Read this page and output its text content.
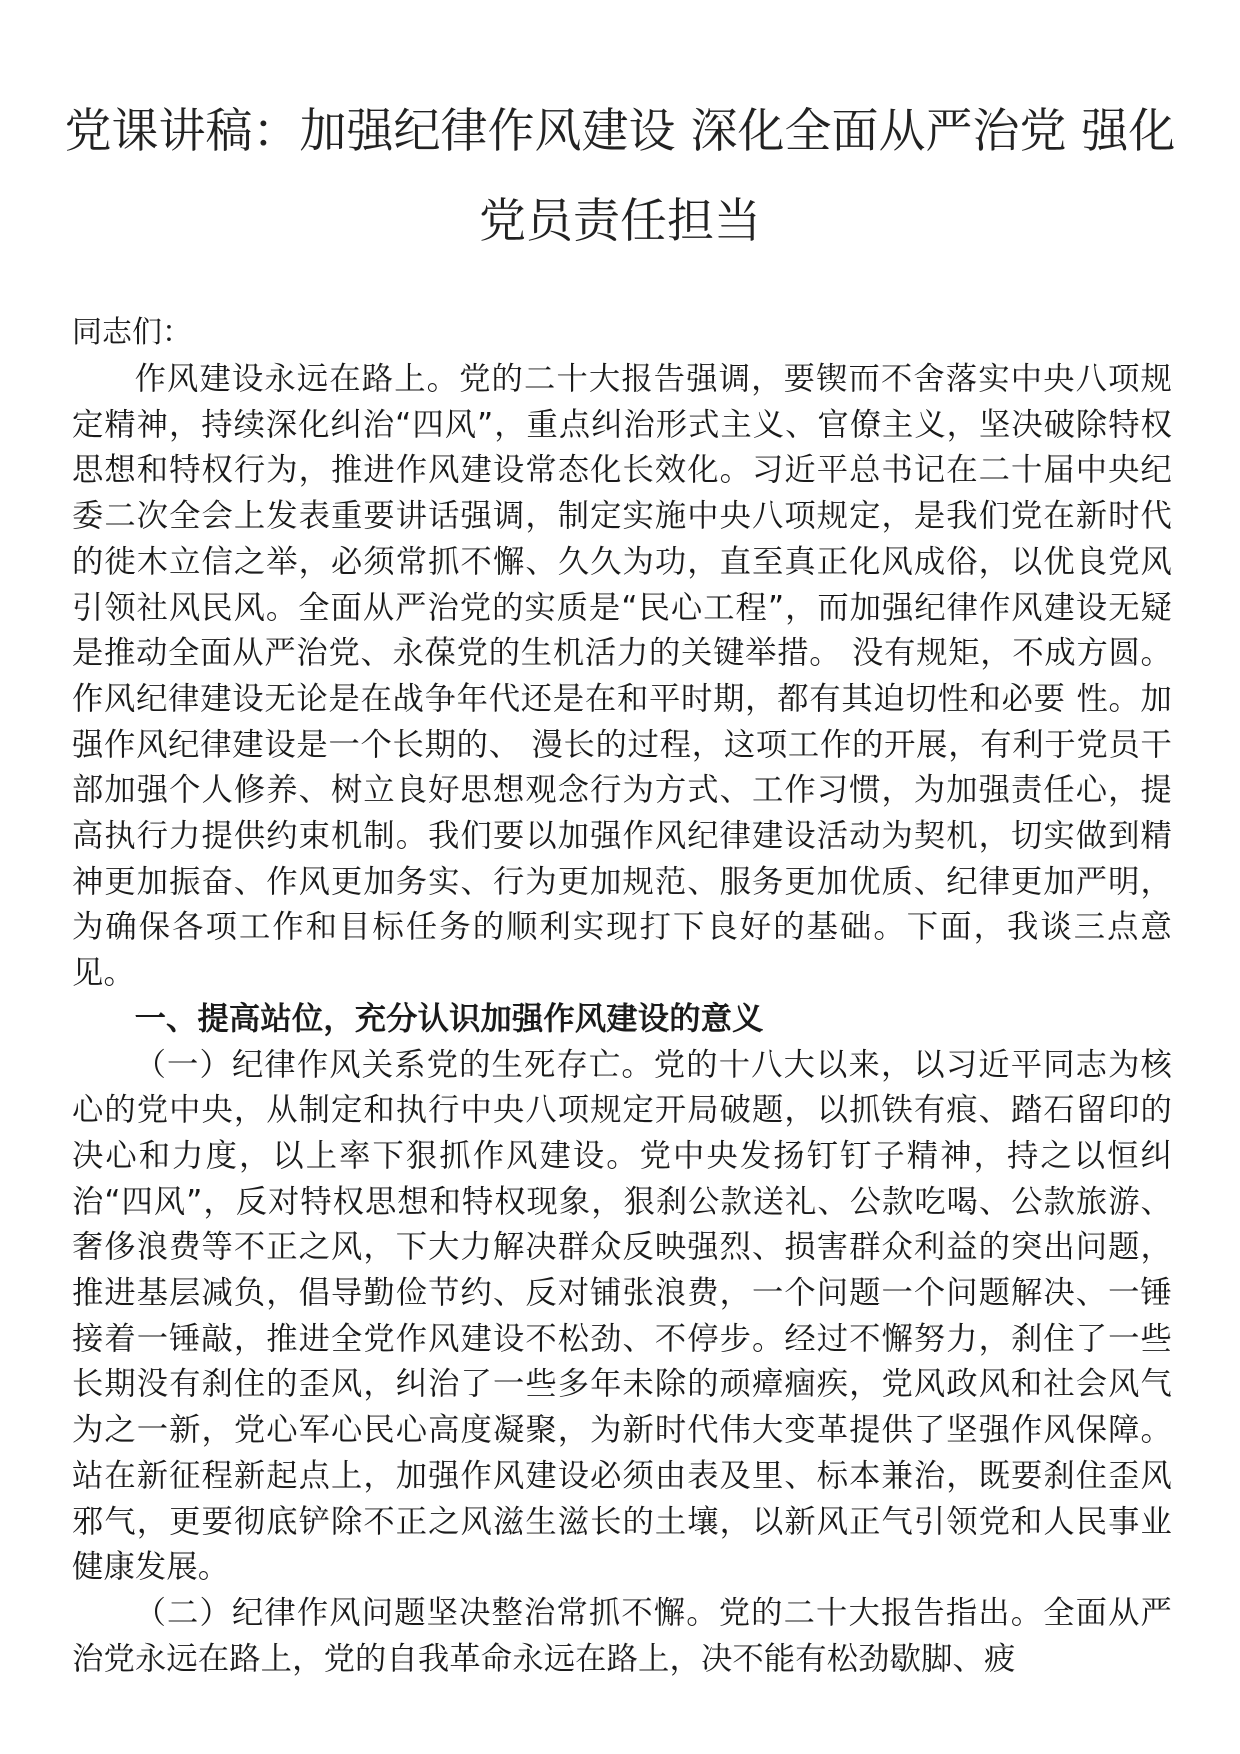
党课讲稿：加强纪律作风建设 深化全面从严治党 强化
党员责任担当
同志们：

作风建设永远在路上。党的二十大报告强调，要锲而不舍落实中央八项规定精神，持续深化纠治“四风”，重点纠治形式主义、官僚主义，坚决破除特权思想和特权行为，推进作风建设常态化长效化。习近平总书记在二十届中央纪委二次全会上发表重要讲话强调，制定实施中央八项规定，是我们党在新时代的徙木立信之举，必须常抓不懈、久久为功，直至真正化风成俗，以优良党风引领社风民风。全面从严治党的实质是“民心工程”，而加强纪律作风建设无疑是推动全面从严治党、永葆党的生机活力的关键举措。 没有规矩，不成方圆。作风纪律建设无论是在战争年代还是在和平时期，都有其迫切性和必要 性。加强作风纪律建设是一个长期的、 漫长的过程，这项工作的开展，有利于党员干部加强个人修养、树立良好思想观念行为方式、工作习惯，为加强责任心，提高执行力提供约束机制。我们要以加强作风纪律建设活动为契机，切实做到精神更加振奋、作风更加务实、行为更加规范、服务更加优质、纪律更加严明，为确保各项工作和目标任务的顺利实现打下良好的基础。下面，我谈三点意见。

一、提高站位，充分认识加强作风建设的意义

（一）纪律作风关系党的生死存亡。党的十八大以来，以习近平同志为核心的党中央，从制定和执行中央八项规定开局破题，以抓铁有痕、踏石留印的决心和力度，以上率下狠抓作风建设。党中央发扬钉钉子精神，持之以恒纠治“四风”，反对特权思想和特权现象，狠刹公款送礼、公款吃喝、公款旅游、奢侈浪费等不正之风，下大力解决群众反映强烈、损害群众利益的突出问题，推进基层减负，倡导勤俭节约、反对铺张浪费，一个问题一个问题解决、一锤接着一锤敲，推进全党作风建设不松劲、不停步。经过不懈努力，刹住了一些长期没有刹住的歪风，纠治了一些多年未除的顽瘴痼疾，党风政风和社会风气为之一新，党心军心民心高度凝聚，为新时代伟大变革提供了坚强作风保障。站在新征程新起点上，加强作风建设必须由表及里、标本兼治，既要刹住歪风邪气，更要彻底铲除不正之风滋生滋长的土壤，以新风正气引领党和人民事业健康发展。

（二）纪律作风问题坚决整治常抓不懈。党的二十大报告指出。全面从严治党永远在路上，党的自我革命永远在路上，决不能有松劲歇脚、疲
